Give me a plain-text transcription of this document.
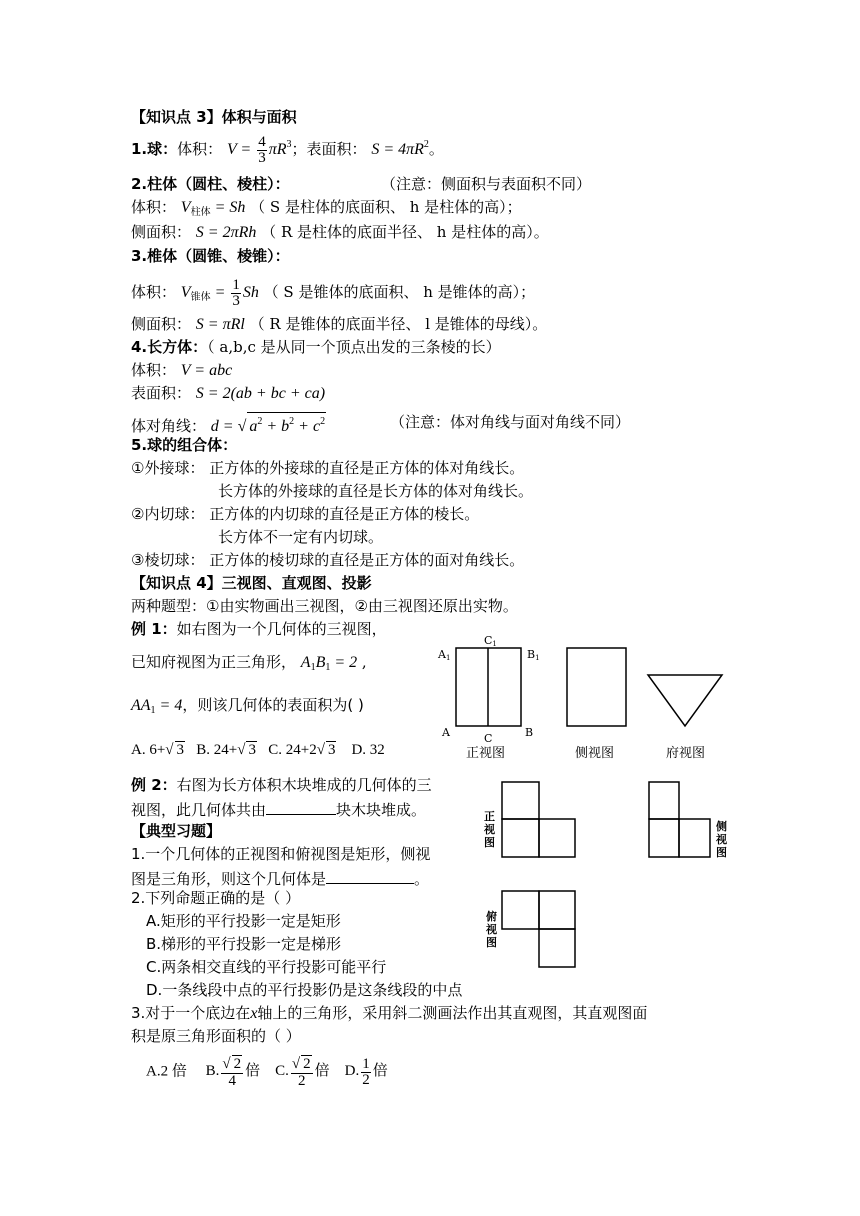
【知识点 3】体积与面积
1.球：体积： $V = \frac{4}{3} \pi R^3$；表面积： $S = 4\pi R^2$。
2.柱体（圆柱、棱柱）：	（注意：侧面积与表面积不同）
体积： $V_{柱体} = Sh$ （ S 是柱体的底面积、 h 是柱体的高）；
侧面积： S = 2πRh （ R 是柱体的底面半径、 h 是柱体的高）。
3.椎体（圆锥、棱锥）：
体积： $V_{锥体} = \frac{1}{3}$ Sh （ S 是锥体的底面积、 h 是锥体的高）；
侧面积： S = πRl （ R 是锥体的底面半径、 l 是锥体的母线）。
4.长方体：（ a,b,c 是从同一个顶点出发的三条棱的长）
体积： V = abc
表面积： S = 2(ab + bc + ca)
体对角线： d = √ $a^2 + b^2 + c^2$	（注意：体对角线与面对角线不同）
5.球的组合体：
①外接球： 正方体的外接球的直径是正方体的体对角线长。
长方体的外接球的直径是长方体的体对角线长。
②内切球： 正方体的内切球的直径是正方体的棱长。
长方体不一定有内切球。
③棱切球： 正方体的棱切球的直径是正方体的面对角线长。
【知识点 4】三视图、直观图、投影
两种题型：①由实物画出三视图，②由三视图还原出实物。
例 1：如右图为一个几何体的三视图，
已知府视图为正三角形， $A_1B_1 = 2$ ,
$AA_1 = 4$，则该几何体的表面积为( )
A. 6+√ 3 B. 24+√ 3 C. 24+2√ 3 D. 32
A1
C1
B1
A	C	B
正视图	侧视图	府视图
例 2：右图为长方体积木块堆成的几何体的三
视图，此几何体共由	块木块堆成。	正视图
侧视图
俯视图
【典型习题】
1.一个几何体的正视图和俯视图是矩形，侧视
图是三角形，则这个几何体是	。
2.下列命题正确的是（ ）
A.矩形的平行投影一定是矩形
B.梯形的平行投影一定是梯形
C.两条相交直线的平行投影可能平行
D.一条线段中点的平行投影仍是这条线段的中点
3.对于一个底边在x轴上的三角形，采用斜二测画法作出其直观图，其直观图面
积是原三角形面积的（ ）
A.2 倍 B. $\frac{√ 2}{4}$ 倍 C. $\frac{√ 2}{2}$ 倍 D. $\frac{1}{2}$ 倍
